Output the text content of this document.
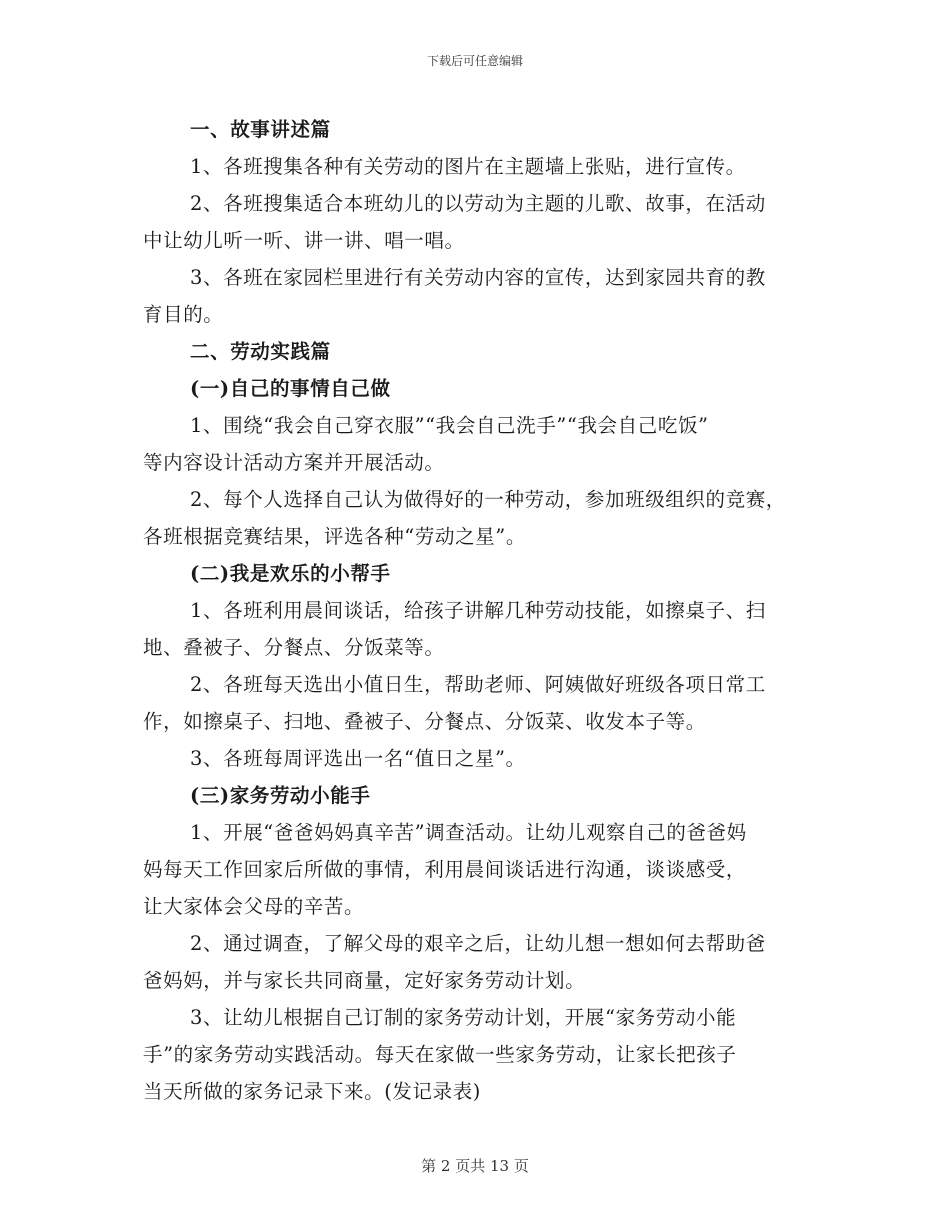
下载后可任意编辑
一、故事讲述篇
1、各班搜集各种有关劳动的图片在主题墙上张贴，进行宣传。
2、各班搜集适合本班幼儿的以劳动为主题的儿歌、故事，在活动
中让幼儿听一听、讲一讲、唱一唱。
3、各班在家园栏里进行有关劳动内容的宣传，达到家园共育的教
育目的。
二、劳动实践篇
(一)自己的事情自己做
1、围绕“我会自己穿衣服”“我会自己洗手”“我会自己吃饭”
等内容设计活动方案并开展活动。
2、每个人选择自己认为做得好的一种劳动，参加班级组织的竞赛，
各班根据竞赛结果，评选各种“劳动之星”。
(二)我是欢乐的小帮手
1、各班利用晨间谈话，给孩子讲解几种劳动技能，如擦桌子、扫
地、叠被子、分餐点、分饭菜等。
2、各班每天选出小值日生，帮助老师、阿姨做好班级各项日常工
作，如擦桌子、扫地、叠被子、分餐点、分饭菜、收发本子等。
3、各班每周评选出一名“值日之星”。
(三)家务劳动小能手
1、开展“爸爸妈妈真辛苦”调查活动。让幼儿观察自己的爸爸妈
妈每天工作回家后所做的事情，利用晨间谈话进行沟通，谈谈感受，
让大家体会父母的辛苦。
2、通过调查，了解父母的艰辛之后，让幼儿想一想如何去帮助爸
爸妈妈，并与家长共同商量，定好家务劳动计划。
3、让幼儿根据自己订制的家务劳动计划，开展“家务劳动小能
手”的家务劳动实践活动。每天在家做一些家务劳动，让家长把孩子
当天所做的家务记录下来。(发记录表)
第 2 页共 13 页
